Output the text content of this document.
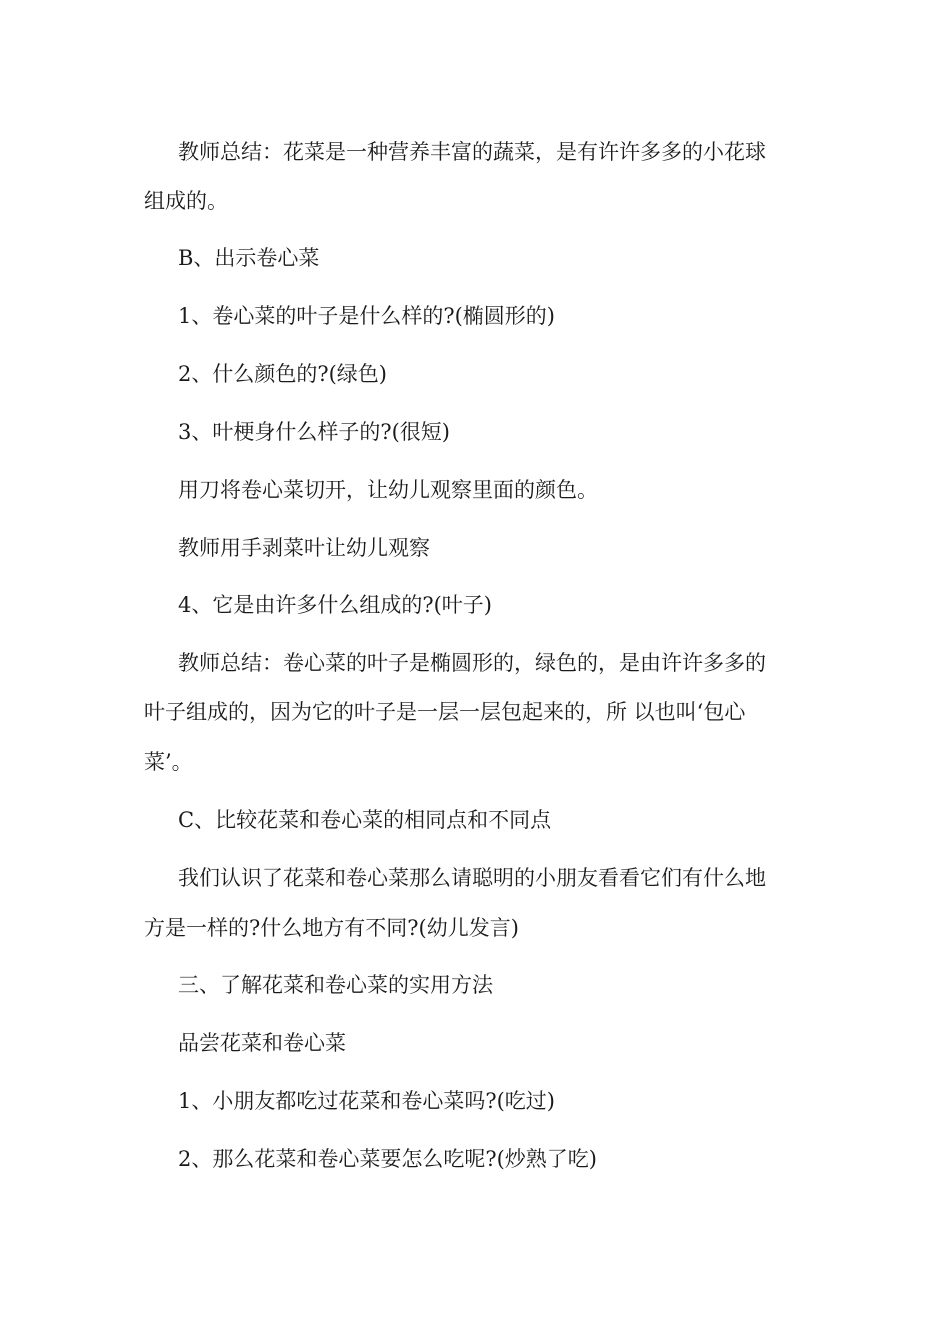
教师总结：花菜是一种营养丰富的蔬菜，是有许许多多的小花球
组成的。
B、出示卷心菜
1、卷心菜的叶子是什么样的?(椭圆形的)
2、什么颜色的?(绿色)
3、叶梗身什么样子的?(很短)
用刀将卷心菜切开，让幼儿观察里面的颜色。
教师用手剥菜叶让幼儿观察
4、它是由许多什么组成的?(叶子)
教师总结：卷心菜的叶子是椭圆形的，绿色的，是由许许多多的
叶子组成的，因为它的叶子是一层一层包起来的，所 以也叫‘包心
菜’。
C、比较花菜和卷心菜的相同点和不同点
我们认识了花菜和卷心菜那么请聪明的小朋友看看它们有什么地
方是一样的?什么地方有不同?(幼儿发言)
三、了解花菜和卷心菜的实用方法
品尝花菜和卷心菜
1、小朋友都吃过花菜和卷心菜吗?(吃过)
2、那么花菜和卷心菜要怎么吃呢?(炒熟了吃)
